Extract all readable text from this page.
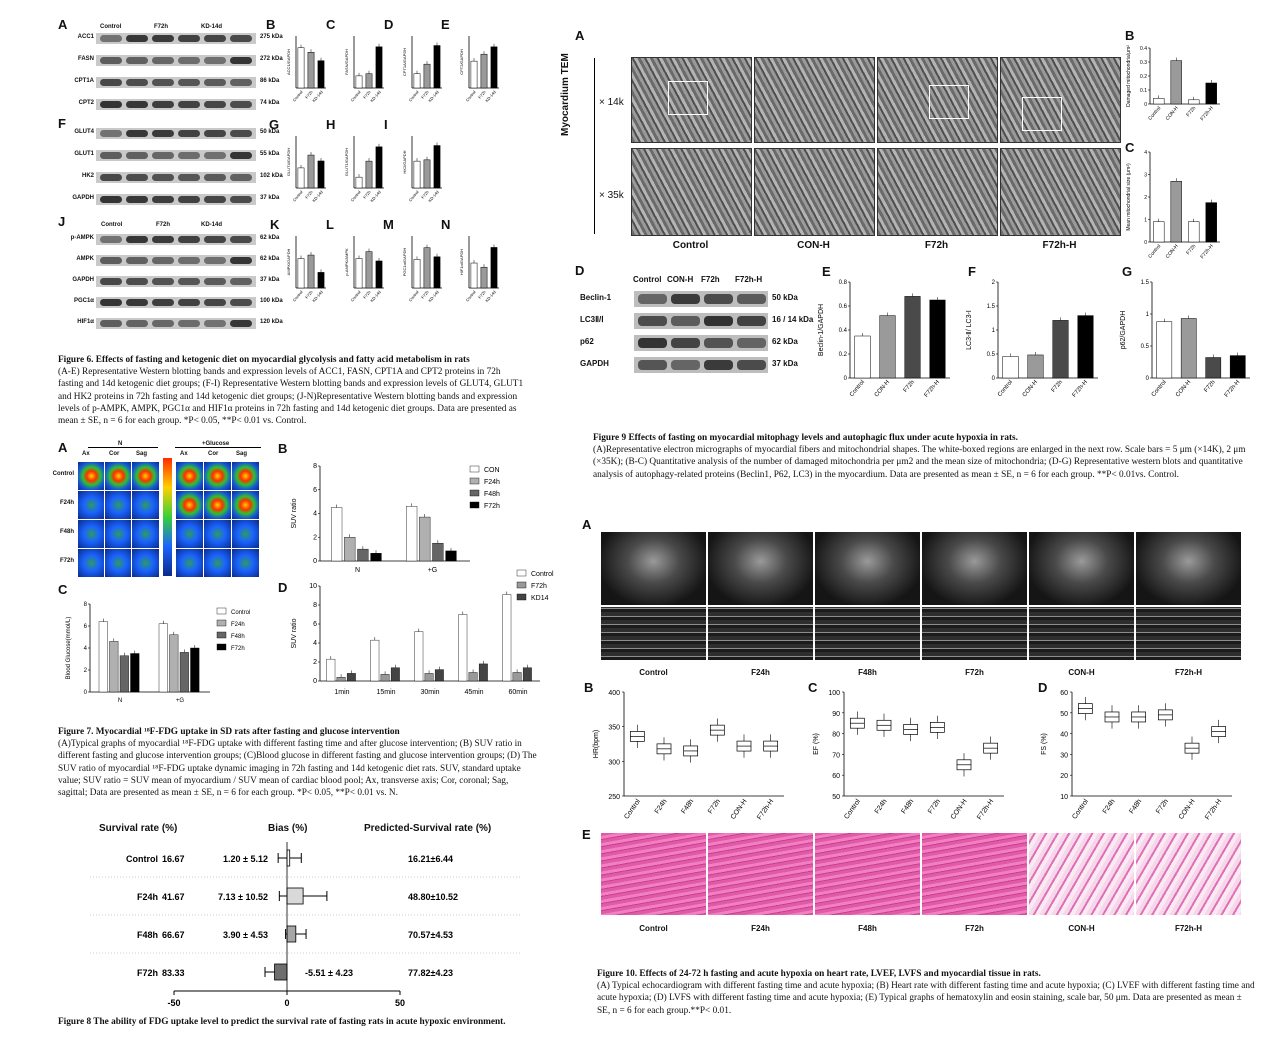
A	Control	F72h	KD-14d
ACC1	275 kDa
FASN	272 kDa
CPT1A	86 kDa
CPT2	74 kDa
F
GLUT4	50 kDa
GLUT1	55 kDa
HK2	102 kDa
GAPDH	37 kDa
J	Control	F72h	KD-14d
p-AMPK	62 kDa
AMPK	62 kDa
GAPDH	37 kDa
PGC1α	100 kDa
HIF1α	120 kDa
B	C	D	E
G	H	I
K	L	M	N
ACC1/GAPDH
Control F72h
KD-14d
FASN/GAPDH
Control F72h
KD-14d
CPT1A/GAPDH
Control F72h
KD-14d
CPT2/GAPDH
Control F72h
KD-14d
GLUT4/GAPDH
Control F72h
KD-14d
GLUT1/GAPDH
Control F72h
KD-14d
HK2/GAPDH
Control F72h
KD-14d
AMPK/GAPDH
Control F72h
KD-14d
p-AMPK/AMPK
Control F72h
KD-14d
PGC1α/GAPDH
Control F72h
KD-14d
HIF1α/GAPDH
Control F72h
KD-14d
Figure 6. Effects of fasting and ketogenic diet on myocardial glycolysis and fatty acid metabolism in rats
(A-E) Representative Western blotting bands and expression levels of ACC1, FASN, CPT1A and CPT2 proteins in 72h fasting and 14d ketogenic diet groups; (F-I) Representative Western blotting bands and expression levels of GLUT4, GLUT1 and HK2 proteins in 72h fasting and 14d ketogenic diet groups; (J-N)Representative Western blotting bands and expression levels of p-AMPK, AMPK, PGC1α and HIF1α proteins in 72h fasting and 14d ketogenic diet groups. Data are presented as mean ± SE, n = 6 for each group. *P< 0.05, **P< 0.01 vs. Control.
A	N	+Glucose
Ax	Ax
Cor	Cor
Sag	Sag
Control
F24h
F48h
F72h
B
0
2
4
6
8
SUV ratio
N	+G
CON
F24h
F48h
F72h
C
0
2
4
6
8
Blood Glucose(mmol/L)
N	+G
Control
F24h
F48h
F72h
D
0
2
4
6
8
10
SUV ratio
1min	15min	30min	45min	60min
Control
F72h
KD14
Figure 7. Myocardial ¹⁸F-FDG uptake in SD rats after fasting and glucose intervention
(A)Typical graphs of myocardial ¹⁸F-FDG uptake with different fasting time and after glucose intervention; (B) SUV ratio in different fasting and glucose intervention groups; (C)Blood glucose in different fasting and glucose intervention groups; (D) The SUV ratio of myocardial ¹⁸F-FDG uptake dynamic imaging in 72h fasting and 14d ketogenic diet rats. SUV, standard uptake value; SUV ratio = SUV mean of myocardium / SUV mean of cardiac blood pool; Ax, transverse axis; Cor, coronal; Sag, sagittal; Data are presented as mean ± SE, n = 6 for each group. *P< 0.05, **P< 0.01 vs. N.
Survival rate (%)	Bias (%)	Predicted-Survival rate (%)
Control 16.67	1.20 ± 5.12	16.21±6.44
F24h 41.67	7.13 ± 10.52	48.80±10.52
F48h 66.67	3.90 ± 4.53	70.57±4.53
F72h 83.33	-5.51 ± 4.23	77.82±4.23
-50	0	50
Figure 8 The ability of FDG uptake level to predict the survival rate of fasting rats in acute hypoxic environment.
A
Myocardium TEM	× 14k
× 35k
Control	CON-H	F72h	F72h-H
0
0.1
0.2
0.3
0.4
Damaged mitochondria/μm²
Control CON-H F72h F72h-H
0
1
2
3
4
Mean mitochondrial size (μm²)
Control CON-H F72h F72h-H
D
Control CON-H F72h F72h-H
Beclin-1	50 kDa
LC3Ⅱ/Ⅰ	16 / 14 kDa
p62	62 kDa
GAPDH	37 kDa
0
0.2
0.4
0.6
0.8
Beclin-1/GAPDH
Control CON-H F72h F72h-H
0
0.5
1
1.5
2
LC3-Ⅱ/ LC3-Ⅰ
Control CON-H F72h F72h-H
0
0.5
1
1.5
p62/GAPDH
Control CON-H F72h F72h-H
Figure 9 Effects of fasting on myocardial mitophagy levels and autophagic flux under acute hypoxia in rats.
(A)Representative electron micrographs of myocardial fibers and mitochondrial shapes. The white-boxed regions are enlarged in the next row. Scale bars = 5 μm (×14K), 2 μm (×35K); (B-C) Quantitative analysis of the number of damaged mitochondria per μm2 and the mean size of mitochondria; (D-G) Representative western blots and quantitative analysis of autophagy-related proteins (Beclin1, P62, LC3) in the myocardium. Data are presented as mean ± SE, n = 6 for each group. **P< 0.01vs. Control.
A
Control	F24h	F48h	F72h	CON-H	F72h-H
250
300
350
400
HR(bpm)
Control F24h F48h F72h CON-H F72h-H
50
60
70
80
90
100
EF (%)
Control F24h F48h F72h CON-H F72h-H
10
20
30
40
50
60
FS (%)
Control F24h F48h F72h CON-H F72h-H
E
Control	F24h	F48h	F72h	CON-H	F72h-H
Figure 10. Effects of 24-72 h fasting and acute hypoxia on heart rate, LVEF, LVFS and myocardial tissue in rats.
(A) Typical echocardiogram with different fasting time and acute hypoxia; (B) Heart rate with different fasting time and acute hypoxia; (C) LVEF with different fasting time and acute hypoxia; (D) LVFS with different fasting time and acute hypoxia; (E) Typical graphs of hematoxylin and eosin staining, scale bar, 50 μm. Data are presented as mean ± SE, n = 6 for each group.**P< 0.01.
B
C
E	F	G
B	C	D
